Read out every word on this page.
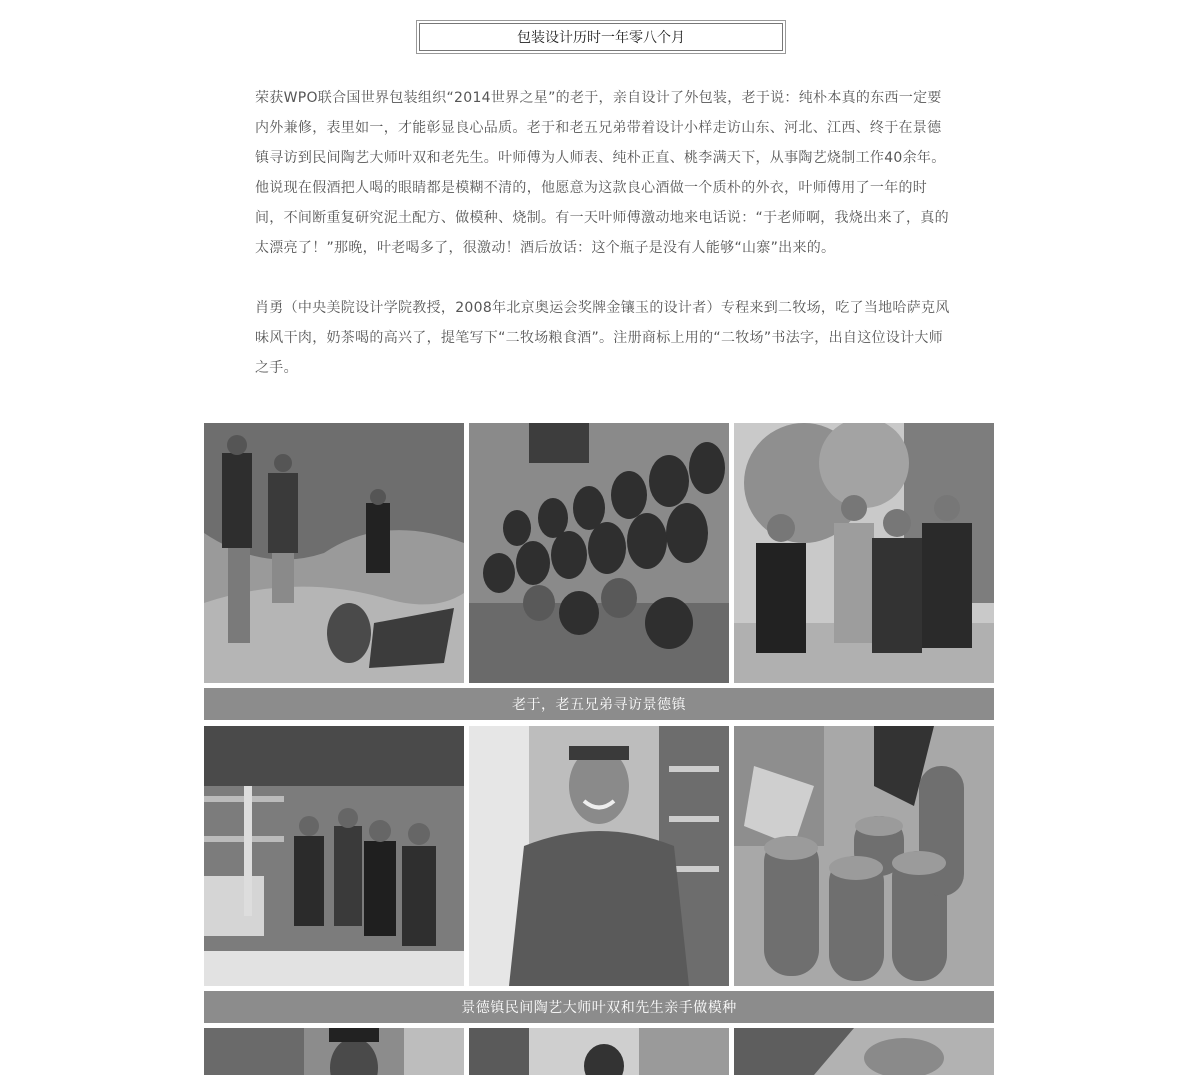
包装设计历时一年零八个月

荣获WPO联合国世界包装组织“2014世界之星”的老于，亲自设计了外包装，老于说：纯朴本真的东西一定要内外兼修，表里如一，才能彰显良心品质。老于和老五兄弟带着设计小样走访山东、河北、江西、终于在景德镇寻访到民间陶艺大师叶双和老先生。叶师傅为人师表、纯朴正直、桃李满天下，从事陶艺烧制工作40余年。他说现在假酒把人喝的眼睛都是模糊不清的，他愿意为这款良心酒做一个质朴的外衣，叶师傅用了一年的时间，不间断重复研究泥土配方、做模种、烧制。有一天叶师傅激动地来电话说：“于老师啊，我烧出来了，真的太漂亮了！”那晚，叶老喝多了，很激动！酒后放话：这个瓶子是没有人能够“山寨”出来的。

肖勇（中央美院设计学院教授，2008年北京奥运会奖牌金镶玉的设计者）专程来到二牧场，吃了当地哈萨克风味风干肉，奶茶喝的高兴了，提笔写下“二牧场粮食酒”。注册商标上用的“二牧场”书法字，出自这位设计大师之手。

老于，老五兄弟寻访景德镇
景德镇民间陶艺大师叶双和先生亲手做模种
